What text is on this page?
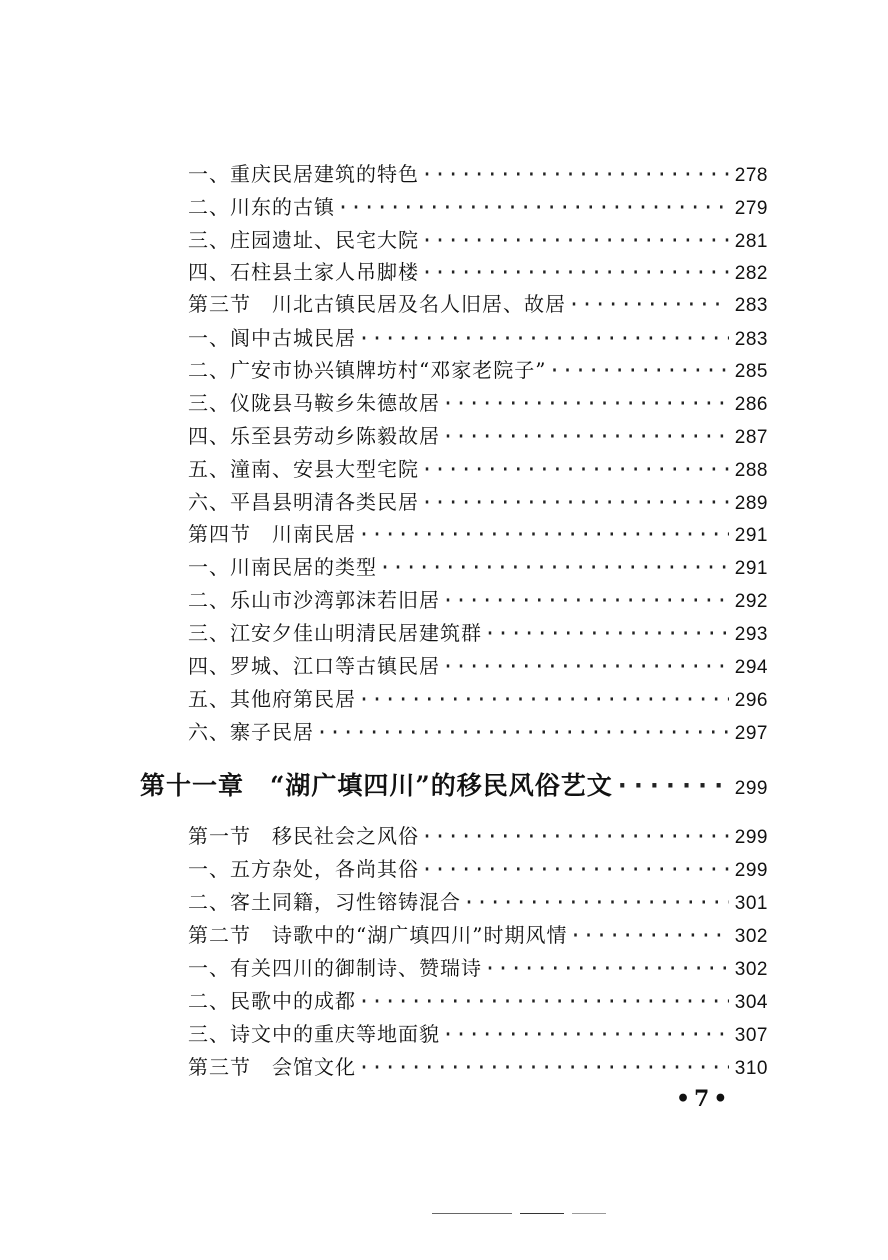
一、重庆民居建筑的特色 ·····	278
二、川东的古镇 ·····	279
三、庄园遗址、民宅大院 ·····	281
四、石柱县土家人吊脚楼 ·····	282
第三节　川北古镇民居及名人旧居、故居 ·····	283
一、阆中古城民居 ·····	283
二、广安市协兴镇牌坊村“邓家老院子” ·····	285
三、仪陇县马鞍乡朱德故居 ·····	286
四、乐至县劳动乡陈毅故居 ·····	287
五、潼南、安县大型宅院 ·····	288
六、平昌县明清各类民居 ·····	289
第四节　川南民居 ·····	291
一、川南民居的类型 ·····	291
二、乐山市沙湾郭沫若旧居 ·····	292
三、江安夕佳山明清民居建筑群 ·····	293
四、罗城、江口等古镇民居 ·····	294
五、其他府第民居 ·····	296
六、寨子民居 ·····	297
第十一章　“湖广填四川”的移民风俗艺文 ·····	299
第一节　移民社会之风俗 ·····	299
一、五方杂处，各尚其俗 ·····	299
二、客土同籍，习性镕铸混合 ·····	301
第二节　诗歌中的“湖广填四川”时期风情 ·····	302
一、有关四川的御制诗、赞瑞诗 ·····	302
二、民歌中的成都 ·····	304
三、诗文中的重庆等地面貌 ·····	307
第三节　会馆文化 ·····	310
•7•
